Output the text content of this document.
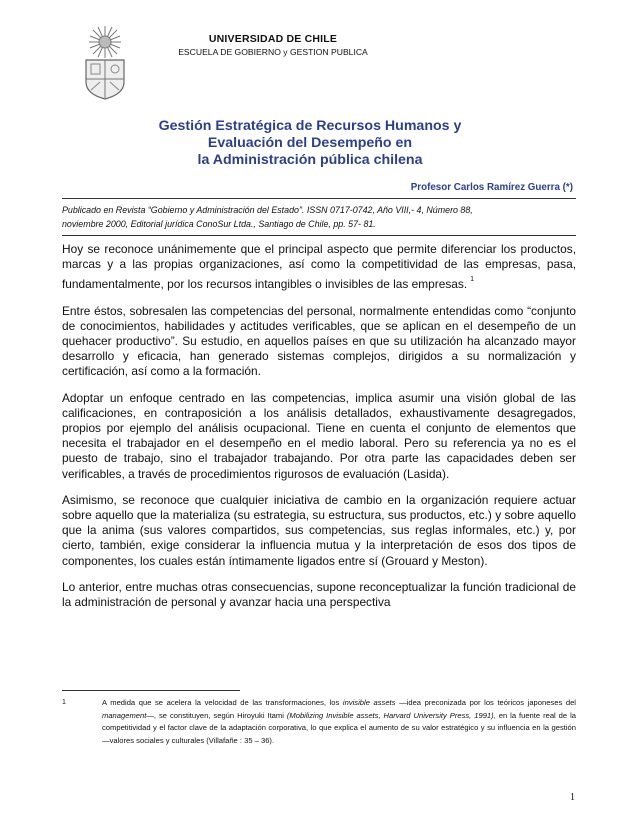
UNIVERSIDAD DE CHILE
ESCUELA DE GOBIERNO y GESTION PUBLICA
Gestión Estratégica de Recursos Humanos y
Evaluación del Desempeño en
la Administración pública chilena
Profesor Carlos Ramírez Guerra (*)
Publicado en Revista “Gobierno y Administración del Estado”. ISSN 0717-0742, Año VIII,- 4, Número 88,
noviembre 2000, Editorial jurídica ConoSur Ltda., Santiago de Chile, pp. 57- 81.

Hoy se reconoce unánimemente que el principal aspecto que permite diferenciar los productos, marcas y a las propias organizaciones, así como la competitividad de las empresas, pasa, fundamentalmente, por los recursos intangibles o invisibles de las empresas. $^1$

Entre éstos, sobresalen las competencias del personal, normalmente entendidas como “conjunto de conocimientos, habilidades y actitudes verificables, que se aplican en el desempeño de un quehacer productivo”. Su estudio, en aquellos países en que su utilización ha alcanzado mayor desarrollo y eficacia, han generado sistemas complejos, dirigidos a su normalización y certificación, así como a la formación.

Adoptar un enfoque centrado en las competencias, implica asumir una visión global de las calificaciones, en contraposición a los análisis detallados, exhaustivamente desagregados, propios por ejemplo del análisis ocupacional. Tiene en cuenta el conjunto de elementos que necesita el trabajador en el desempeño en el medio laboral. Pero su referencia ya no es el puesto de trabajo, sino el trabajador trabajando. Por otra parte las capacidades deben ser verificables, a través de procedimientos rigurosos de evaluación (Lasida).

Asimismo, se reconoce que cualquier iniciativa de cambio en la organización requiere actuar sobre aquello que la materializa (su estrategia, su estructura, sus productos, etc.) y sobre aquello que la anima (sus valores compartidos, sus competencias, sus reglas informales, etc.) y, por cierto, también, exige considerar la influencia mutua y la interpretación de esos dos tipos de componentes, los cuales están íntimamente ligados entre sí (Grouard y Meston).

Lo anterior, entre muchas otras consecuencias, supone reconceptualizar la función tradicional de la administración de personal y avanzar hacia una perspectiva

1	A medida que se acelera la velocidad de las transformaciones, los invisible assets —idea preconizada por los teóricos japoneses del management—, se constituyen, según Hiroyuki Itami (Mobilizing Invisible assets, Harvard University Press, 1991), en la fuente real de la competitividad y el factor clave de la adaptación corporativa, lo que explica el aumento de su valor estratégico y su influencia en la gestión —valores sociales y culturales (Villafañe : 35 – 36).
1
